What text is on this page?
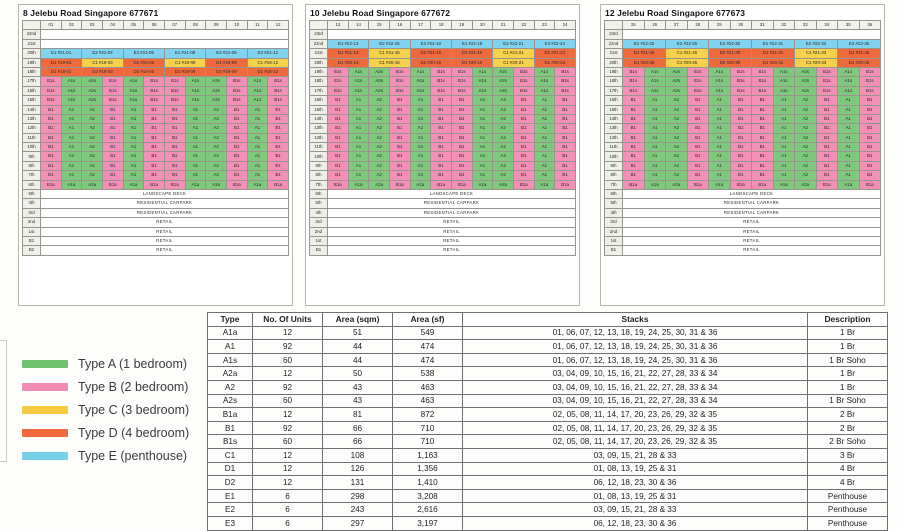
8 Jelebu Road Singapore 677671
	01	02	03	04	05	06	07	08	09	10	11	12
22nd												
21st												
20th	E1 #21-01		E2 #21-03		E3 #21-06		E1 #21-08		E2 #21-09		E3 #21-12	
19th	D1 #19-01		C1 #19-03		D2 #19-06		C1 #19-08		D1 #19-09		C1 #19-12	
18th	D1 #18-01		D2 #18-03		D2 #18-06		D1 #18-08		D2 #18-09		D1 #18-12	
17th	B1s	A1s	A2s	B1s	A1s	B1s	B1s	A1s	A2s	B1s	A1s	B1s
16th	B1s	A1s	A2s	B1s	A1s	B1s	B1s	A1s	A2s	B1s	A1s	B1s
15th	B1s	A1s	A2s	B1s	A1s	B1s	B1s	A1s	A2s	B1s	A1s	B1s
14th	B1	A1	A2	B1	A1	B1	B1	A1	A2	B1	A1	B1
13th	B1	A1	A2	B1	A1	B1	B1	A1	A2	B1	A1	B1
12th	B1	A1	A2	B1	A1	B1	B1	A1	A2	B1	A1	B1
11th	B1	A1	A2	B1	A1	B1	B1	A1	A2	B1	A1	B1
10th	B1	A1	A2	B1	A1	B1	B1	A1	A2	B1	A1	B1
9th	B1	A1	A2	B1	A1	B1	B1	A1	A2	B1	A1	B1
8th	B1	A1	A2	B1	A1	B1	B1	A1	A2	B1	A1	B1
7th	B1	A1	A2	B1	A1	B1	B1	A1	A2	B1	A1	B1
6th	B1a	A1a	A2a	B1a	A1a	B1a	B1a	A1a	A2a	B1a	A1a	B1a
5th	LANDSCAPE DECK											
4th	RESIDENTIAL CARPARK											
3rd	RESIDENTIAL CARPARK											
2nd	RETAIL											
1st	RETAIL											
B1	RETAIL											
B2	RETAIL											
10 Jelebu Road Singapore 677672
	13	14	15	16	17	18	19	20	21	22	23	24
23rd												
22nd	E1 #22-13		E2 #22-15		E3 #22-18		E1 #22-19		E2 #22-21		E3 #22-24	
21st	D1 #21-13		C1 #21-15		D2 #21-18		D1 #21-19		C1 #21-21		D1 #21-24	
20th	D1 #20-13		C1 #20-15		D2 #20-18		D1 #20-19		C1 #20-21		D1 #20-24	
19th	B1s	A1s	A2s	B1s	A1s	B1s	B1s	A1s	A2s	B1s	A1s	B1s
18th	B1s	A1s	A2s	B1s	A1s	B1s	B1s	A1s	A2s	B1s	A1s	B1s
17th	B1s	A1s	A2s	B1s	A1s	B1s	B1s	A1s	A2s	B1s	A1s	B1s
16th	B1	A1	A2	B1	A1	B1	B1	A1	A2	B1	A1	B1
15th	B1	A1	A2	B1	A1	B1	B1	A1	A2	B1	A1	B1
14th	B1	A1	A2	B1	A1	B1	B1	A1	A2	B1	A1	B1
13th	B1	A1	A2	B1	A1	B1	B1	A1	A2	B1	A1	B1
12th	B1	A1	A2	B1	A1	B1	B1	A1	A2	B1	A1	B1
11th	B1	A1	A2	B1	A1	B1	B1	A1	A2	B1	A1	B1
10th	B1	A1	A2	B1	A1	B1	B1	A1	A2	B1	A1	B1
9th	B1	A1	A2	B1	A1	B1	B1	A1	A2	B1	A1	B1
8th	B1	A1	A2	B1	A1	B1	B1	A1	A2	B1	A1	B1
7th	B1a	A1a	A2a	B1a	A1a	B1a	B1a	A1a	A2a	B1a	A1a	B1a
6th	LANDSCAPE DECK											
5th	RESIDENTIAL CARPARK											
4th	RESIDENTIAL CARPARK											
3rd	RETAIL											
2nd	RETAIL											
1st	RETAIL											
B1	RETAIL											
12 Jelebu Road Singapore 677673
	25	26	27	28	29	30	31	32	33	34	35	36
23rd												
22nd	E1 #22-25		E2 #22-26		E3 #22-30		E1 #22-31		E2 #22-33		E3 #22-36	
21st	D1 #21-25		C1 #21-26		D2 #21-30		D1 #21-31		C1 #21-33		D1 #21-36	
20th	D1 #20-25		C1 #20-26		D2 #20-30		D1 #20-31		C1 #20-33		D1 #20-36	
19th	B1s	A1s	A2s	B1s	A1s	B1s	B1s	A1s	A2s	B1s	A1s	B1s
18th	B1s	A1s	A2s	B1s	A1s	B1s	B1s	A1s	A2s	B1s	A1s	B1s
17th	B1s	A1s	A2s	B1s	A1s	B1s	B1s	A1s	A2s	B1s	A1s	B1s
16th	B1	A1	A2	B1	A1	B1	B1	A1	A2	B1	A1	B1
15th	B1	A1	A2	B1	A1	B1	B1	A1	A2	B1	A1	B1
14th	B1	A1	A2	B1	A1	B1	B1	A1	A2	B1	A1	B1
13th	B1	A1	A2	B1	A1	B1	B1	A1	A2	B1	A1	B1
12th	B1	A1	A2	B1	A1	B1	B1	A1	A2	B1	A1	B1
11th	B1	A1	A2	B1	A1	B1	B1	A1	A2	B1	A1	B1
10th	B1	A1	A2	B1	A1	B1	B1	A1	A2	B1	A1	B1
9th	B1	A1	A2	B1	A1	B1	B1	A1	A2	B1	A1	B1
8th	B1	A1	A2	B1	A1	B1	B1	A1	A2	B1	A1	B1
7th	B1a	A1a	A2a	B1a	A1a	B1a	B1a	A1a	A2a	B1a	A1a	B1a
6th	LANDSCAPE DECK											
5th	RESIDENTIAL CARPARK											
4th	RESIDENTIAL CARPARK											
3rd	RETAIL											
2nd	RETAIL											
1st	RETAIL											
B1	RETAIL											
Type A (1 bedroom)
Type B (2 bedroom)
Type C (3 bedroom)
Type D (4 bedroom)
Type E (penthouse)
Type	No. Of Units	Area (sqm)	Area (sf)	Stacks	Description
A1a	12	51	549	01, 06, 07, 12, 13, 18, 19, 24, 25, 30, 31 & 36	1 Br
A1	92	44	474	01, 06, 07, 12, 13, 18, 19, 24, 25, 30, 31 & 36	1 Br
A1s	60	44	474	01, 06, 07, 12, 13, 18, 19, 24, 25, 30, 31 & 36	1 Br Soho
A2a	12	50	538	03, 04, 09, 10, 15, 16, 21, 22, 27, 28, 33 & 34	1 Br
A2	92	43	463	03, 04, 09, 10, 15, 16, 21, 22, 27, 28, 33 & 34	1 Br
A2s	60	43	463	03, 04, 09, 10, 15, 16, 21, 22, 27, 28, 33 & 34	1 Br Soho
B1a	12	81	872	02, 05, 08, 11, 14, 17, 20, 23, 26, 29, 32 & 35	2 Br
B1	92	66	710	02, 05, 08, 11, 14, 17, 20, 23, 26, 29, 32 & 35	2 Br
B1s	60	66	710	02, 05, 08, 11, 14, 17, 20, 23, 26, 29, 32 & 35	2 Br Soho
C1	12	108	1,163	03, 09, 15, 21, 28 & 33	3 Br
D1	12	126	1,356	01, 08, 13, 19, 25 & 31	4 Br
D2	12	131	1,410	06, 12, 18, 23, 30 & 36	4 Br
E1	6	298	3,208	01, 08, 13, 19, 25 & 31	Penthouse
E2	6	243	2,616	03, 09, 15, 21, 28 & 33	Penthouse
E3	6	297	3,197	06, 12, 18, 23, 30 & 36	Penthouse
